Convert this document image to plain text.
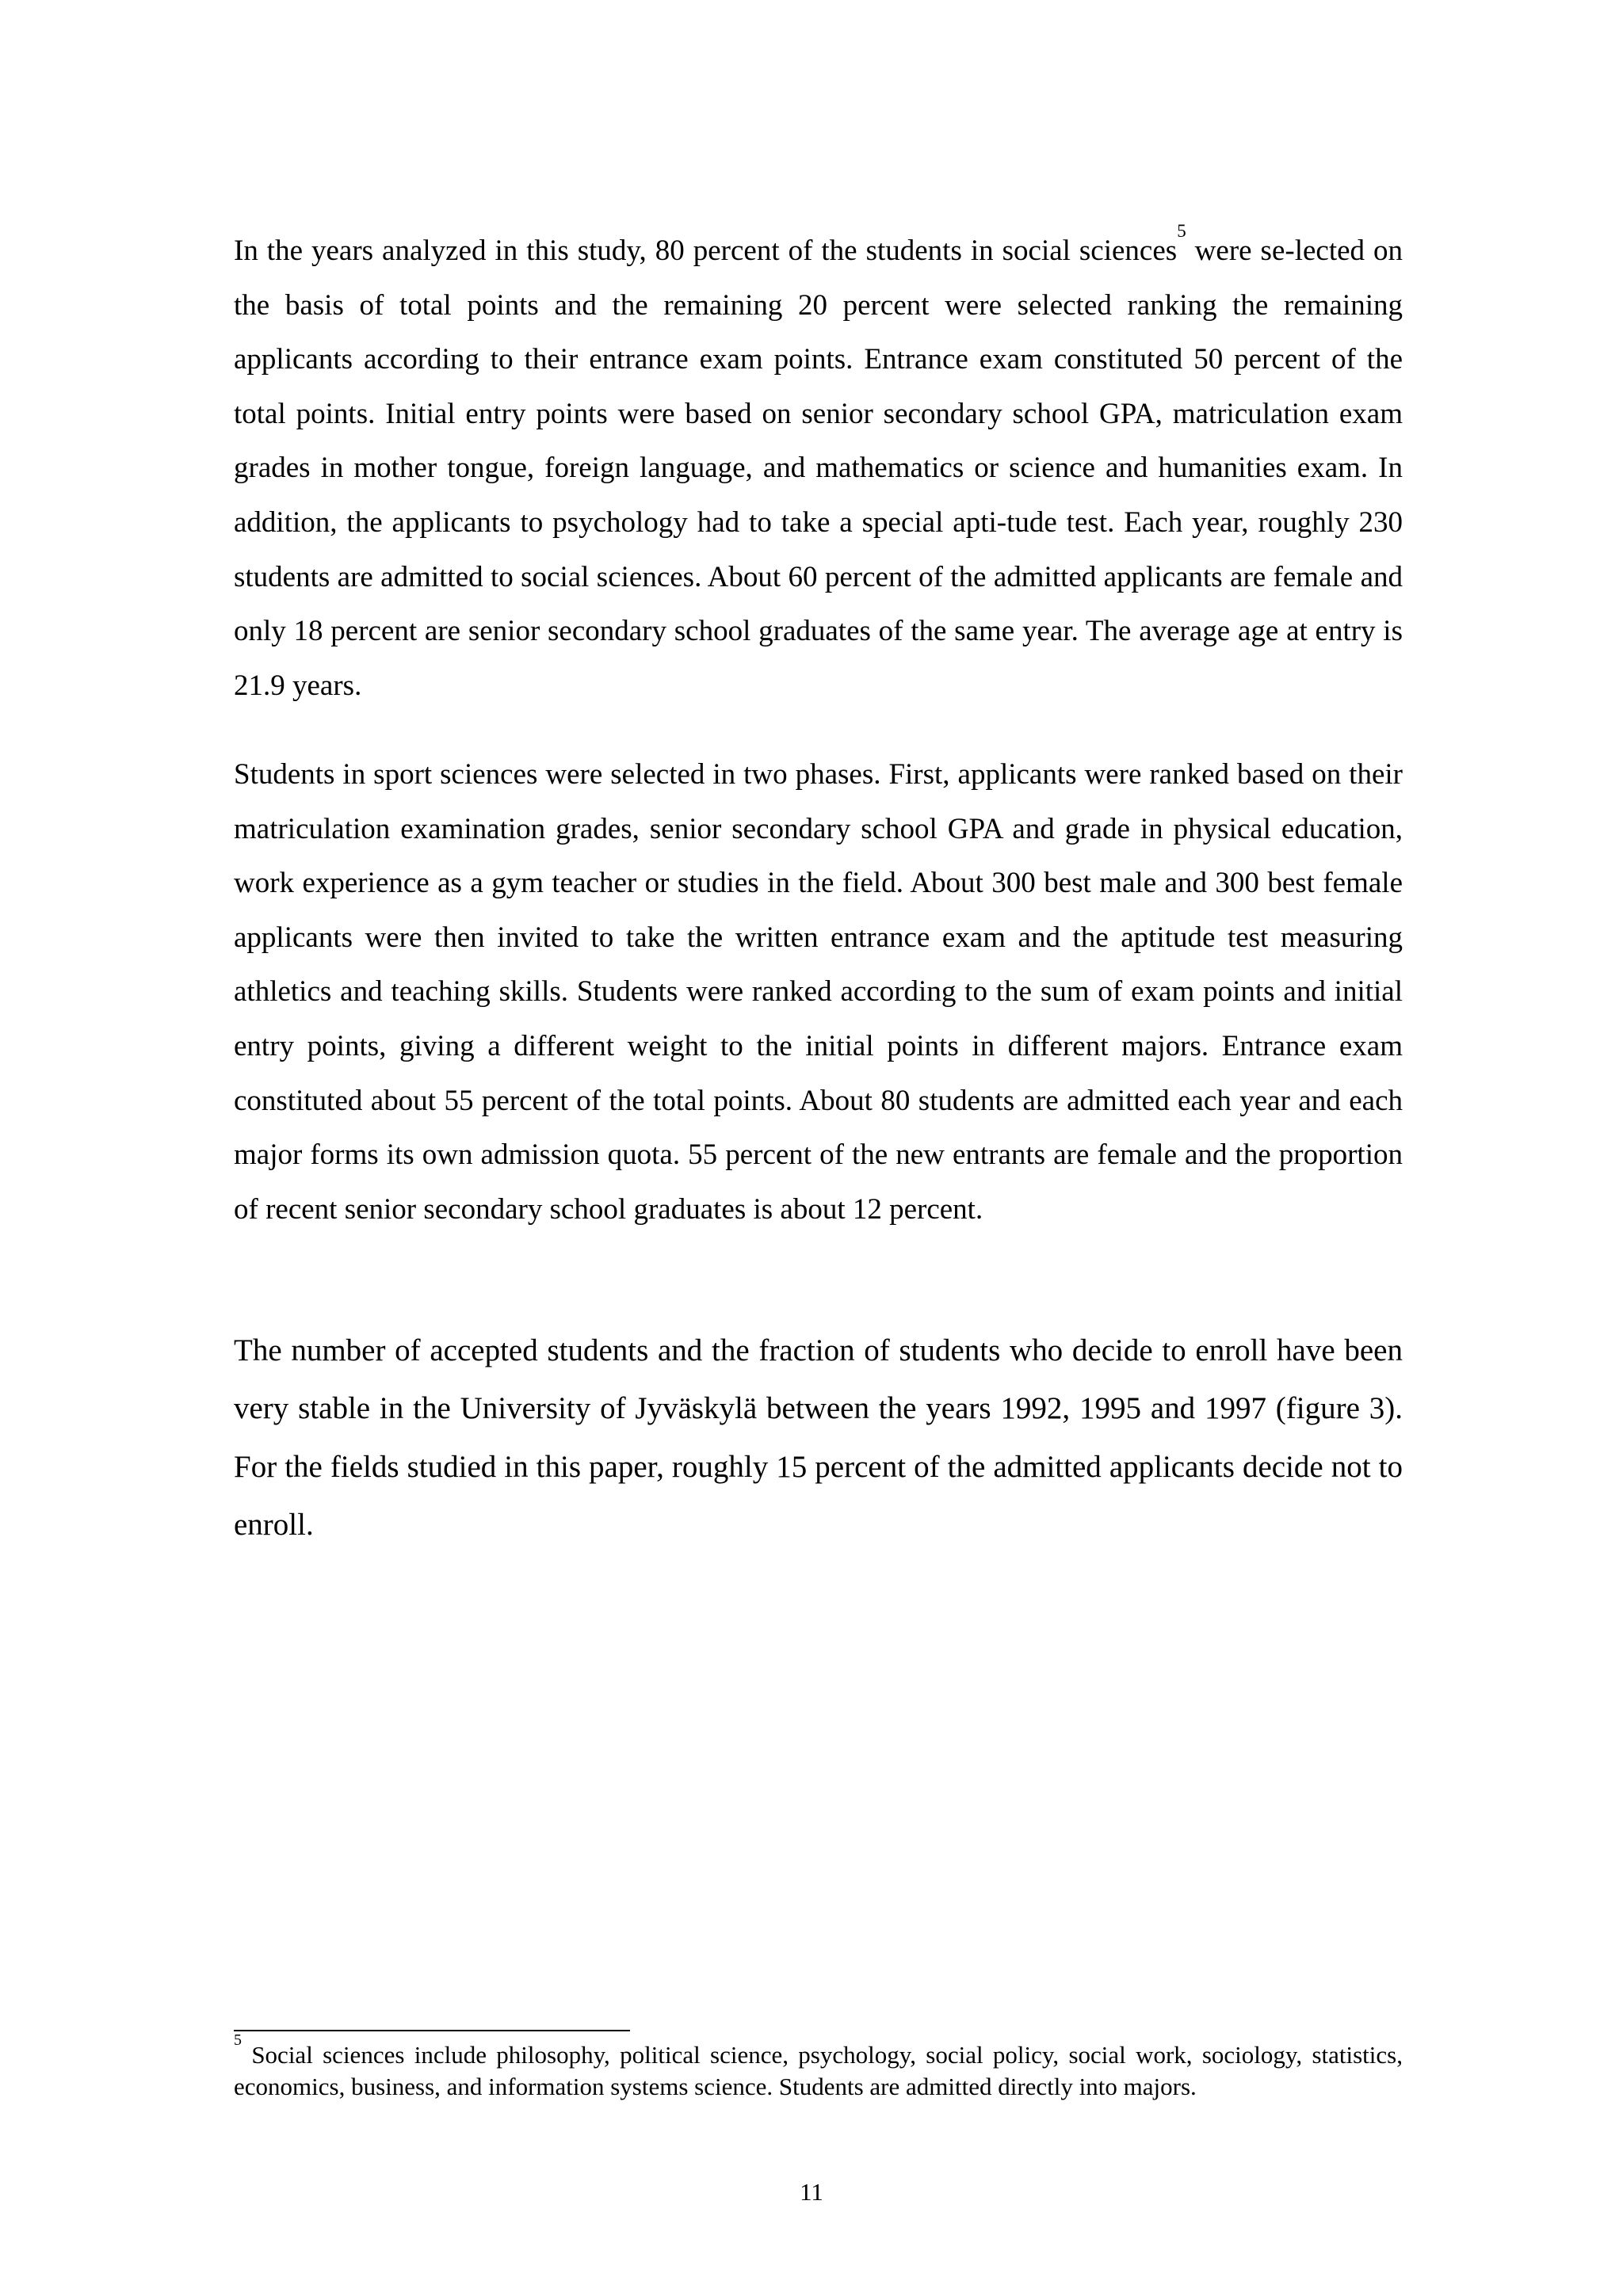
In the years analyzed in this study, 80 percent of the students in social sciences$^5$ were se-lected on the basis of total points and the remaining 20 percent were selected ranking the remaining applicants according to their entrance exam points. Entrance exam constituted 50 percent of the total points. Initial entry points were based on senior secondary school GPA, matriculation exam grades in mother tongue, foreign language, and mathematics or science and humanities exam. In addition, the applicants to psychology had to take a special apti-tude test. Each year, roughly 230 students are admitted to social sciences. About 60 percent of the admitted applicants are female and only 18 percent are senior secondary school graduates of the same year. The average age at entry is 21.9 years.

Students in sport sciences were selected in two phases. First, applicants were ranked based on their matriculation examination grades, senior secondary school GPA and grade in physical education, work experience as a gym teacher or studies in the field. About 300 best male and 300 best female applicants were then invited to take the written entrance exam and the aptitude test measuring athletics and teaching skills. Students were ranked according to the sum of exam points and initial entry points, giving a different weight to the initial points in different majors. Entrance exam constituted about 55 percent of the total points. About 80 students are admitted each year and each major forms its own admission quota. 55 percent of the new entrants are female and the proportion of recent senior secondary school graduates is about 12 percent.

The number of accepted students and the fraction of students who decide to enroll have been very stable in the University of Jyväskylä between the years 1992, 1995 and 1997 (figure 3). For the fields studied in this paper, roughly 15 percent of the admitted applicants decide not to enroll.

$^5$ Social sciences include philosophy, political science, psychology, social policy, social work, sociology, statistics, economics, business, and information systems science. Students are admitted directly into majors.

11
